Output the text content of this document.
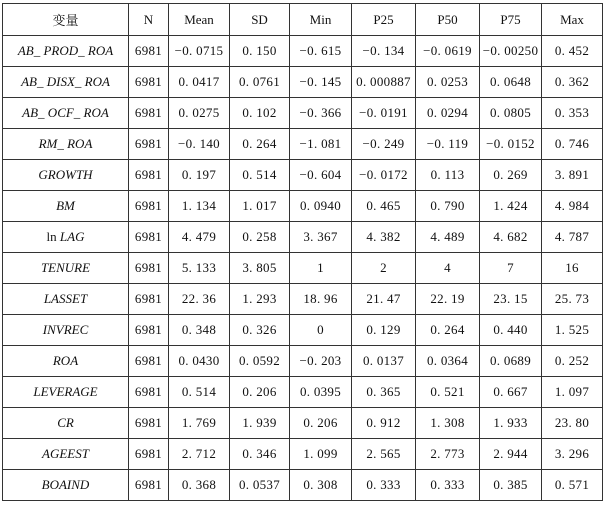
变量	N	Mean	SD	Min	P25	P50	P75	Max
AB_ PROD_ ROA	6981	−0. 0715	0. 150	−0. 615	−0. 134	−0. 0619	−0. 00250	0. 452
AB_ DISX_ ROA	6981	0. 0417	0. 0761	−0. 145	0. 000887	0. 0253	0. 0648	0. 362
AB_ OCF_ ROA	6981	0. 0275	0. 102	−0. 366	−0. 0191	0. 0294	0. 0805	0. 353
RM_ ROA	6981	−0. 140	0. 264	−1. 081	−0. 249	−0. 119	−0. 0152	0. 746
GROWTH	6981	0. 197	0. 514	−0. 604	−0. 0172	0. 113	0. 269	3. 891
BM	6981	1. 134	1. 017	0. 0940	0. 465	0. 790	1. 424	4. 984
ln LAG	6981	4. 479	0. 258	3. 367	4. 382	4. 489	4. 682	4. 787
TENURE	6981	5. 133	3. 805	1	2	4	7	16
LASSET	6981	22. 36	1. 293	18. 96	21. 47	22. 19	23. 15	25. 73
INVREC	6981	0. 348	0. 326	0	0. 129	0. 264	0. 440	1. 525
ROA	6981	0. 0430	0. 0592	−0. 203	0. 0137	0. 0364	0. 0689	0. 252
LEVERAGE	6981	0. 514	0. 206	0. 0395	0. 365	0. 521	0. 667	1. 097
CR	6981	1. 769	1. 939	0. 206	0. 912	1. 308	1. 933	23. 80
AGEEST	6981	2. 712	0. 346	1. 099	2. 565	2. 773	2. 944	3. 296
BOAIND	6981	0. 368	0. 0537	0. 308	0. 333	0. 333	0. 385	0. 571
